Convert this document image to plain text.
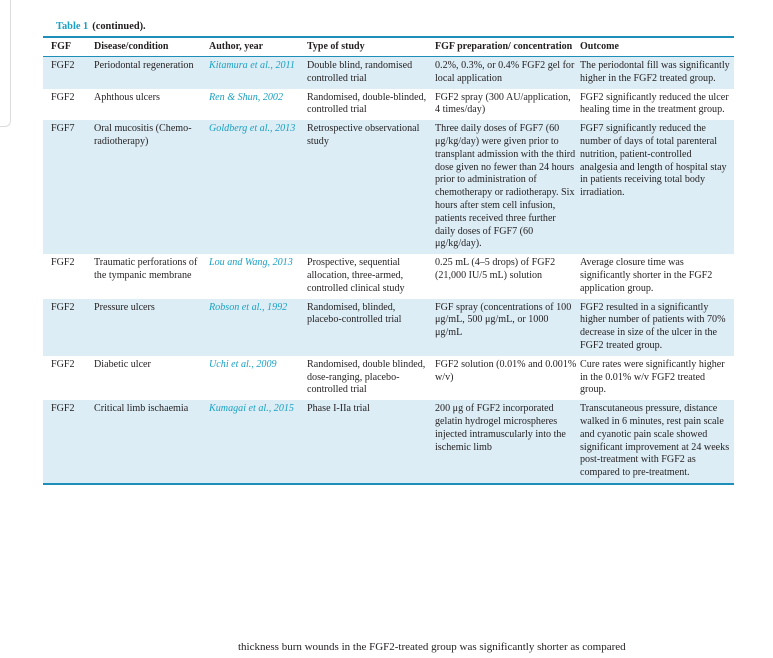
Table 1 (continued).
FGF	Disease/condition	Author, year	Type of study	FGF preparation/ concentration	Outcome

FGF2	Periodontal regeneration	Kitamura et al., 2011	Double blind, randomised controlled trial	0.2%, 0.3%, or 0.4% FGF2 gel for local application	The periodontal fill was significantly higher in the FGF2 treated group.
FGF2	Aphthous ulcers	Ren & Shun, 2002	Randomised, double-blinded, controlled trial	FGF2 spray (300 AU/application, 4 times/day)	FGF2 significantly reduced the ulcer healing time in the treatment group.
FGF7	Oral mucositis (Chemo-radiotherapy)	Goldberg et al., 2013	Retrospective observational study	Three daily doses of FGF7 (60 μg/kg/day) were given prior to transplant admission with the third dose given no fewer than 24 hours prior to administration of chemotherapy or radiotherapy. Six hours after stem cell infusion, patients received three further daily doses of FGF7 (60 μg/kg/day).	FGF7 significantly reduced the number of days of total parenteral nutrition, patient-controlled analgesia and length of hospital stay in patients receiving total body irradiation.
FGF2	Traumatic perforations of the tympanic membrane	Lou and Wang, 2013	Prospective, sequential allocation, three-armed, controlled clinical study	0.25 mL (4–5 drops) of FGF2 (21,000 IU/5 mL) solution	Average closure time was significantly shorter in the FGF2 application group.
FGF2	Pressure ulcers	Robson et al., 1992	Randomised, blinded, placebo-controlled trial	FGF spray (concentrations of 100 μg/mL, 500 μg/mL, or 1000 μg/mL	FGF2 resulted in a significantly higher number of patients with 70% decrease in size of the ulcer in the FGF2 treated group.
FGF2	Diabetic ulcer	Uchi et al., 2009	Randomised, double blinded, dose-ranging, placebo-controlled trial	FGF2 solution (0.01% and 0.001% w/v)	Cure rates were significantly higher in the 0.01% w/v FGF2 treated group.
FGF2	Critical limb ischaemia	Kumagai et al., 2015	Phase I-IIa trial	200 μg of FGF2 incorporated gelatin hydrogel microspheres injected intramuscularly into the ischemic limb	Transcutaneous pressure, distance walked in 6 minutes, rest pain scale and cyanotic pain scale showed significant improvement at 24 weeks post-treatment with FGF2 as compared to pre-treatment.
thickness burn wounds in the FGF2-treated group was significantly shorter as compared
